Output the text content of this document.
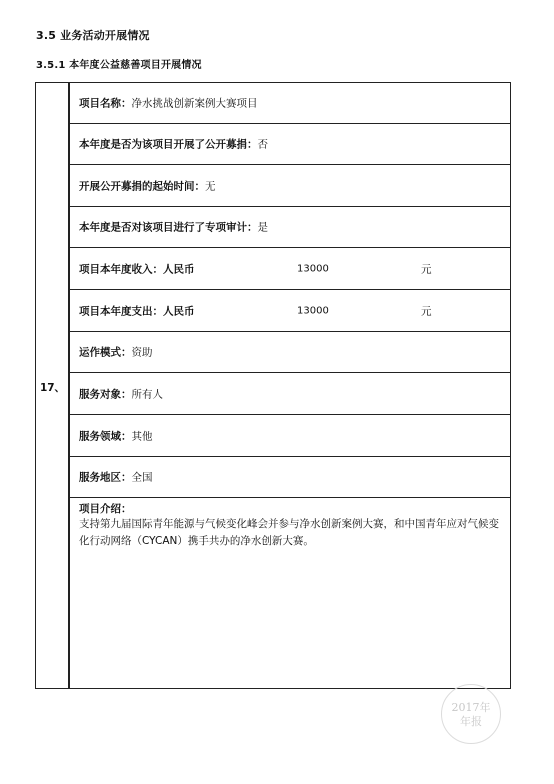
3.5 业务活动开展情况
3.5.1 本年度公益慈善项目开展情况
17、
项目名称：净水挑战创新案例大赛项目
本年度是否为该项目开展了公开募捐：否
开展公开募捐的起始时间：无
本年度是否对该项目进行了专项审计：是
项目本年度收入：人民币	13000	元
项目本年度支出：人民币	13000	元
运作模式：资助
服务对象：所有人
服务领域：其他
服务地区：全国
项目介绍：
支持第九届国际青年能源与气候变化峰会并参与净水创新案例大赛，和中国青年应对气候变化行动网络（CYCAN）携手共办的净水创新大赛。
2017年
年报
